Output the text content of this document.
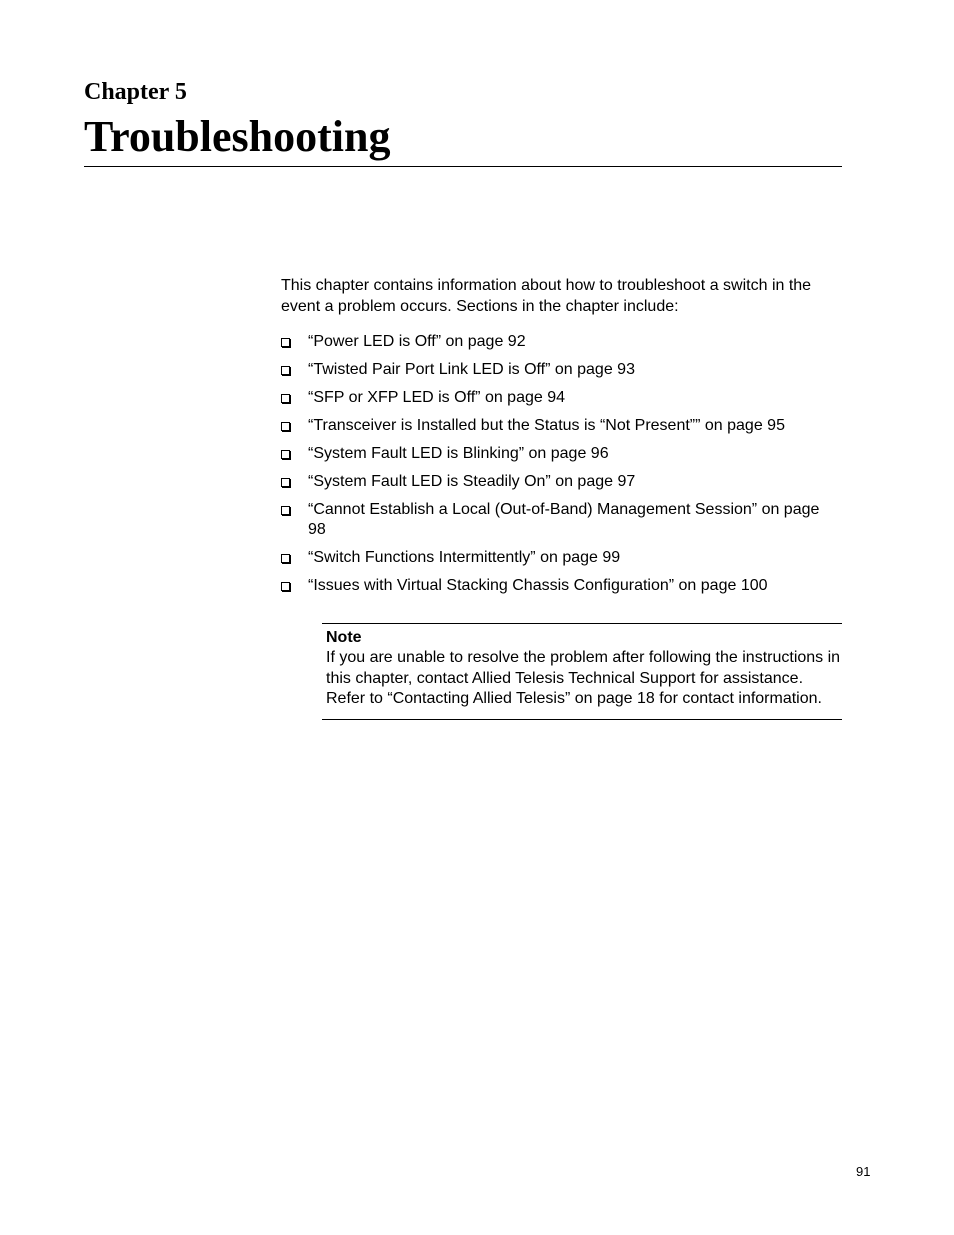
Chapter 5
Troubleshooting

This chapter contains information about how to troubleshoot a switch in the event a problem occurs. Sections in the chapter include:

“Power LED is Off” on page 92
“Twisted Pair Port Link LED is Off” on page 93
“SFP or XFP LED is Off” on page 94
“Transceiver is Installed but the Status is “Not Present”” on page 95
“System Fault LED is Blinking” on page 96
“System Fault LED is Steadily On” on page 97
“Cannot Establish a Local (Out-of-Band) Management Session” on page 98
“Switch Functions Intermittently” on page 99
“Issues with Virtual Stacking Chassis Configuration” on page 100

Note

If you are unable to resolve the problem after following the instructions in this chapter, contact Allied Telesis Technical Support for assistance. Refer to “Contacting Allied Telesis” on page 18 for contact information.

91
